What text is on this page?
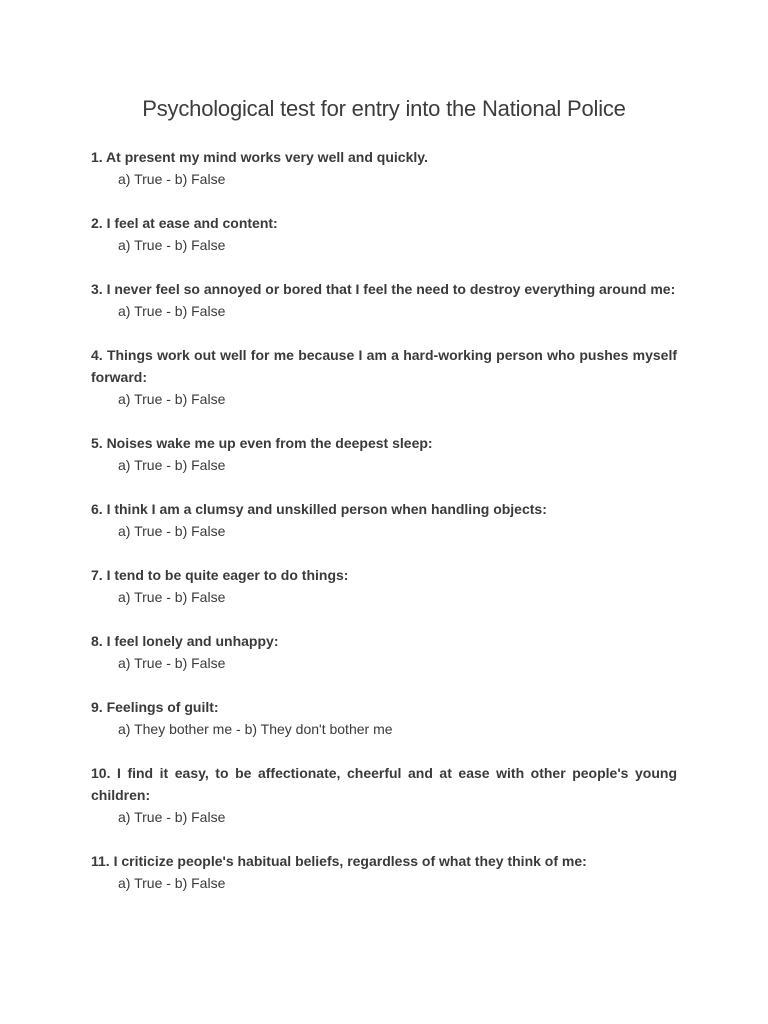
Psychological test for entry into the National Police
1. At present my mind works very well and quickly.
a) True - b) False
2. I feel at ease and content:
a) True - b) False
3. I never feel so annoyed or bored that I feel the need to destroy everything around me:
a) True - b) False
4. Things work out well for me because I am a hard-working person who pushes myself forward:
a) True - b) False
5. Noises wake me up even from the deepest sleep:
a) True - b) False
6. I think I am a clumsy and unskilled person when handling objects:
a) True - b) False
7. I tend to be quite eager to do things:
a) True - b) False
8. I feel lonely and unhappy:
a) True - b) False
9. Feelings of guilt:
a) They bother me - b) They don't bother me
10. I find it easy, to be affectionate, cheerful and at ease with other people's young children:
a) True - b) False
11. I criticize people's habitual beliefs, regardless of what they think of me:
a) True - b) False
